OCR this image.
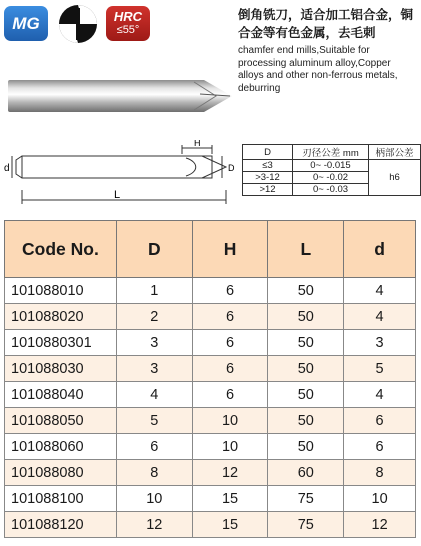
MG	HRC
≤55°
倒角铣刀，适合加工铝合金，铜合金等有色金属，去毛刺
chamfer end mills,Suitable for processing aluminum alloy,Copper alloys and other non-ferrous metals, deburring
H
D
d
L
D	刃径公差 mm	柄部公差
≤3	0~ -0.015	h6
>3-12	0~ -0.02	
>12	0~ -0.03	
Code No.	D	H	L	d
101088010	1	6	50	4
101088020	2	6	50	4
1010880301	3	6	50	3
101088030	3	6	50	5
101088040	4	6	50	4
101088050	5	10	50	6
101088060	6	10	50	6
101088080	8	12	60	8
101088100	10	15	75	10
101088120	12	15	75	12
